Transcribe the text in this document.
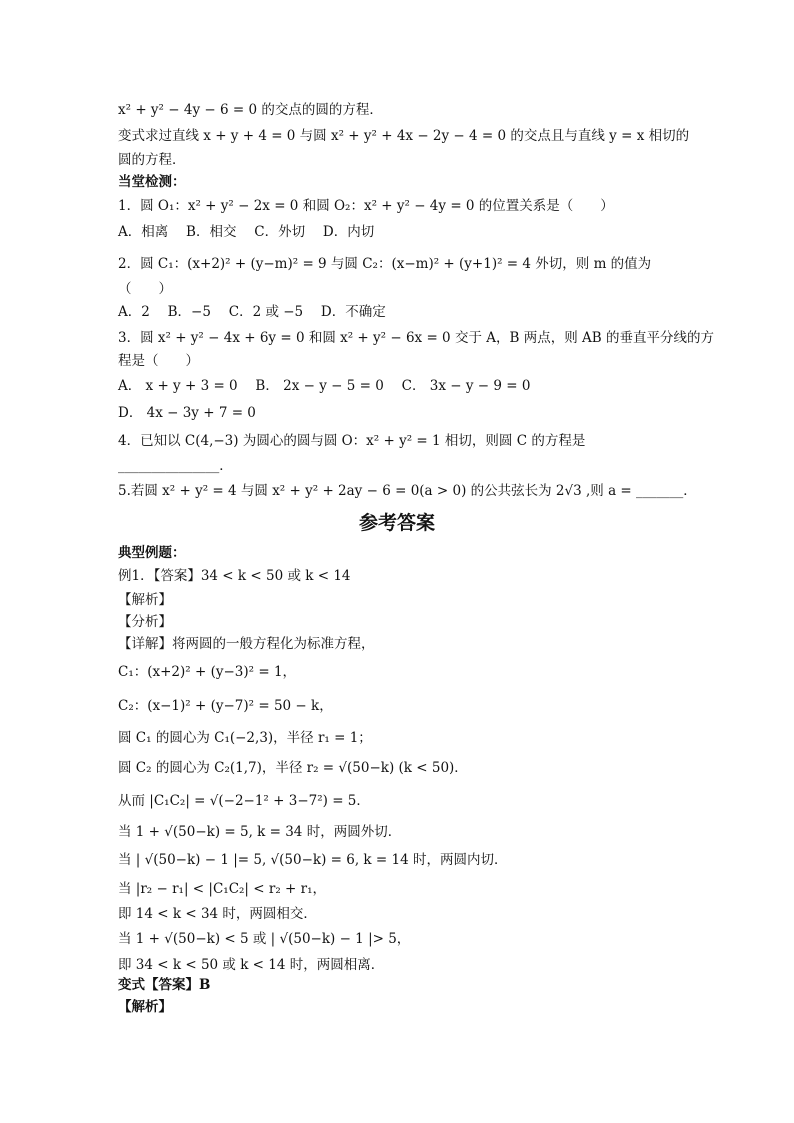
x² + y² − 4y − 6 = 0 的交点的圆的方程．
变式求过直线 x + y + 4 = 0 与圆 x² + y² + 4x − 2y − 4 = 0 的交点且与直线 y = x 相切的
圆的方程．
当堂检测：
1．圆 O₁：x² + y² − 2x = 0 和圆 O₂：x² + y² − 4y = 0 的位置关系是（　　）
A．相离　 B．相交　 C．外切　 D．内切
2．圆 C₁：(x+2)² + (y−m)² = 9 与圆 C₂：(x−m)² + (y+1)² = 4 外切，则 m 的值为
（　　）
A．2　 B．−5　 C．2 或 −5　 D．不确定
3．圆 x² + y² − 4x + 6y = 0 和圆 x² + y² − 6x = 0 交于 A，B 两点，则 AB 的垂直平分线的方
程是（　　）
A． x + y + 3 = 0　 B． 2x − y − 5 = 0　 C． 3x − y − 9 = 0
D． 4x − 3y + 7 = 0
4．已知以 C(4,−3) 为圆心的圆与圆 O：x² + y² = 1 相切，则圆 C 的方程是
_______________．
5.若圆 x² + y² = 4 与圆 x² + y² + 2ay − 6 = 0(a > 0) 的公共弦长为 2√3 ,则 a = _______．
参考答案
典型例题：
例1．【答案】34 < k < 50 或 k < 14
【解析】
【分析】
【详解】将两圆的一般方程化为标准方程，
C₁：(x+2)² + (y−3)² = 1，
C₂：(x−1)² + (y−7)² = 50 − k，
圆 C₁ 的圆心为 C₁(−2,3)，半径 r₁ = 1；
圆 C₂ 的圆心为 C₂(1,7)，半径 r₂ = √(50−k) (k < 50)．
从而 |C₁C₂| = √(−2−1² + 3−7²) = 5．
当 1 + √(50−k) = 5, k = 34 时，两圆外切．
当 | √(50−k) − 1 |= 5, √(50−k) = 6, k = 14 时，两圆内切．
当 |r₂ − r₁| < |C₁C₂| < r₂ + r₁，
即 14 < k < 34 时，两圆相交．
当 1 + √(50−k) < 5 或 | √(50−k) − 1 |> 5，
即 34 < k < 50 或 k < 14 时，两圆相离．
变式【答案】B
【解析】
